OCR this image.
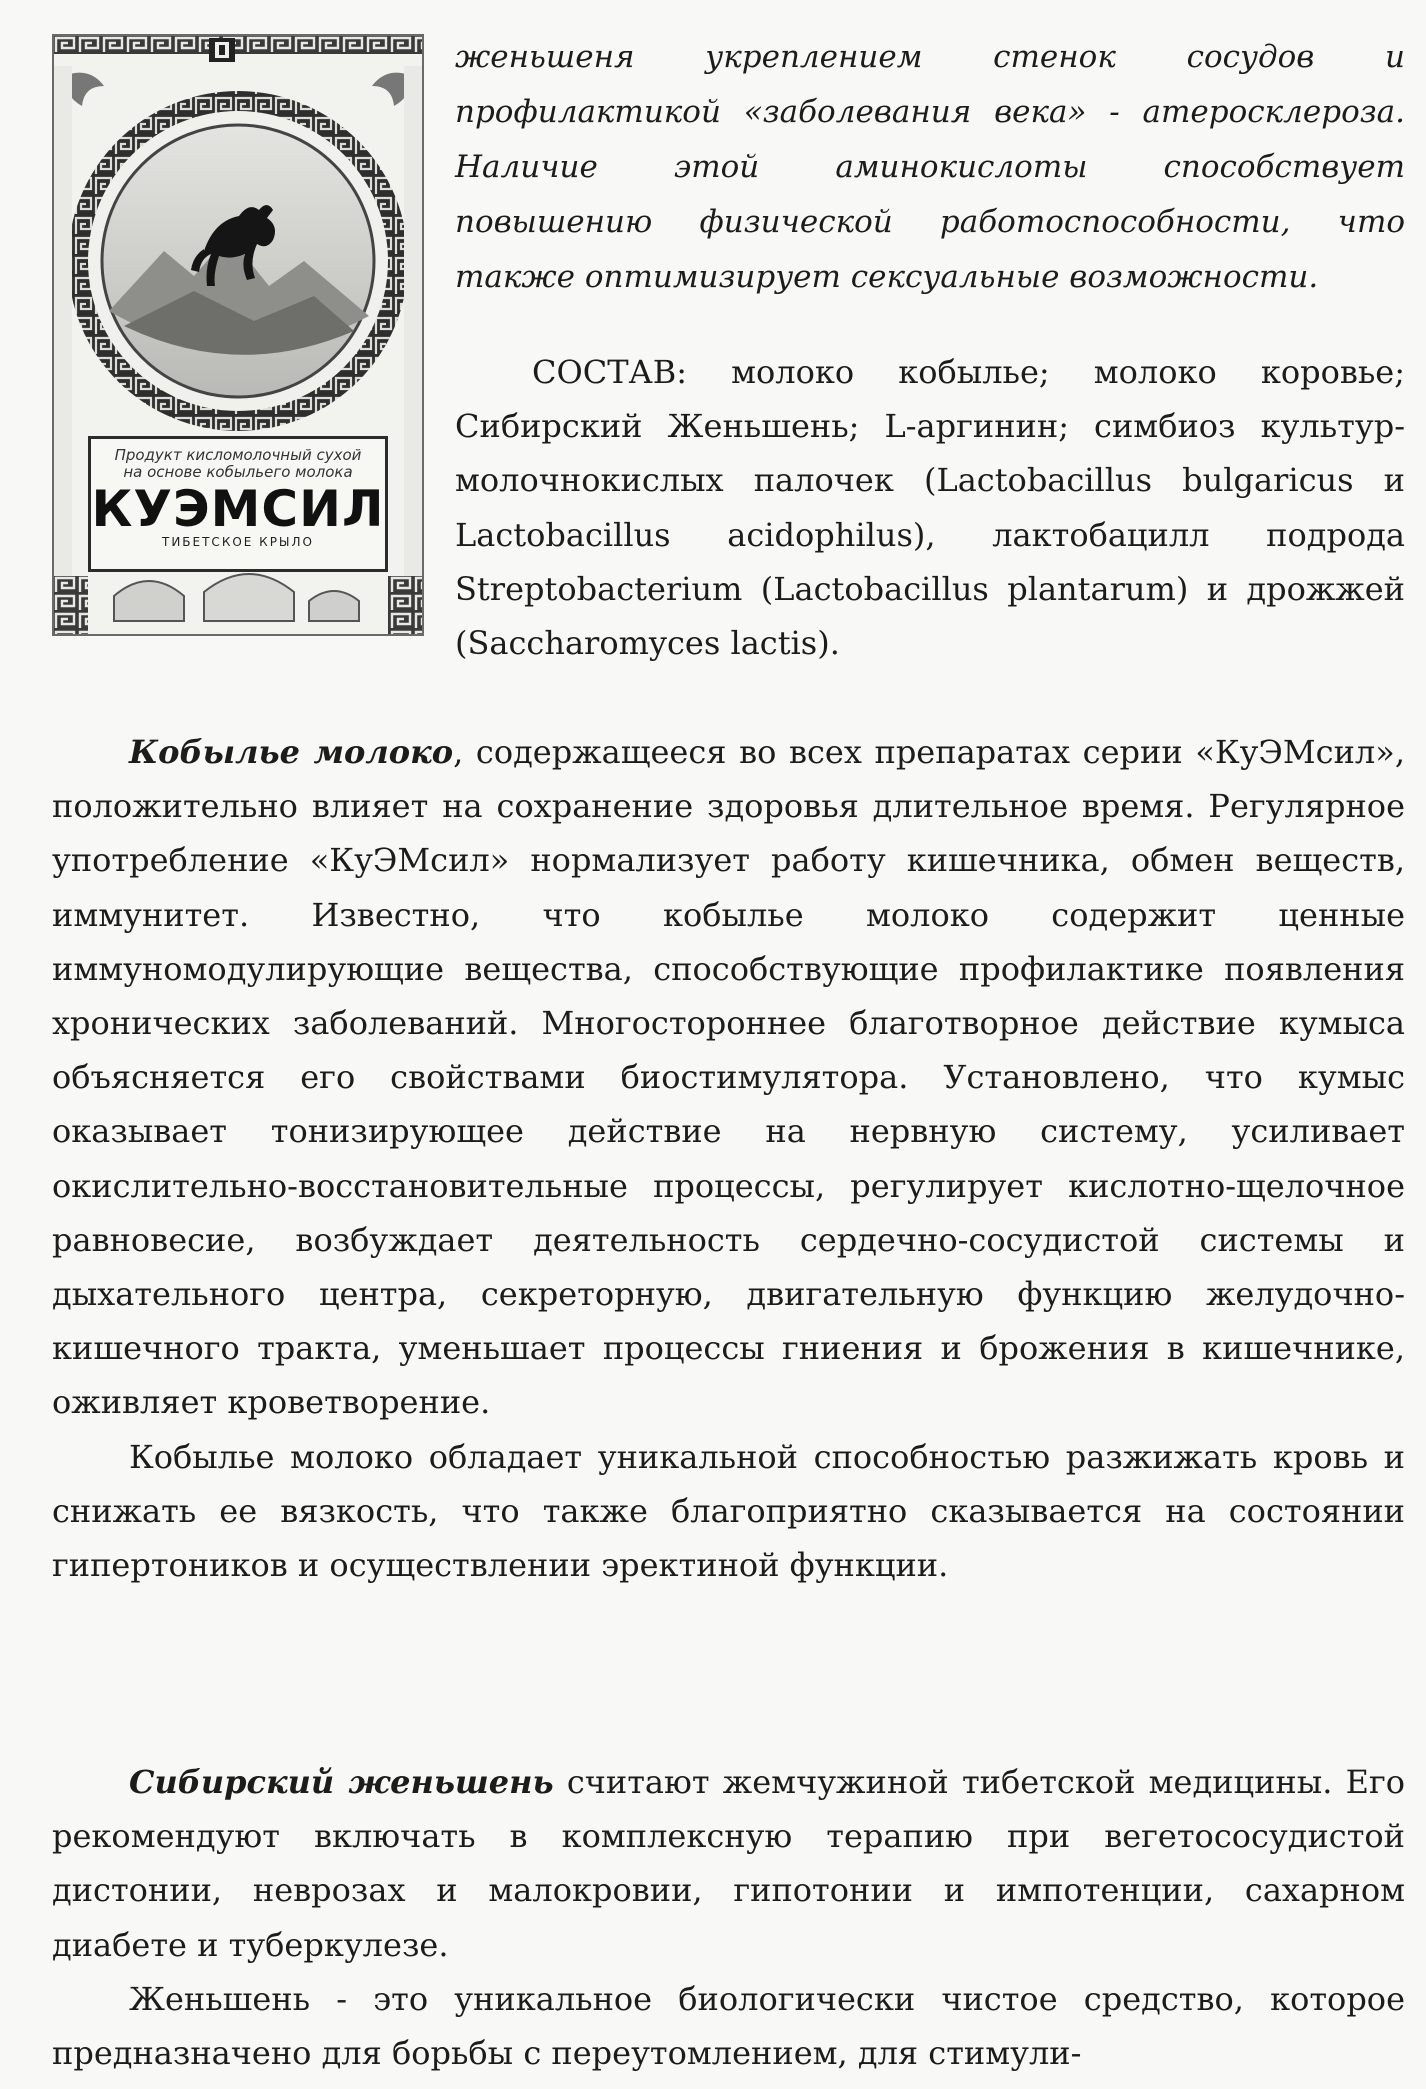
Продукт кисломолочный сухой на основе кобыльего молока
КУЭМСИЛ
ТИБЕТСКОЕ КРЫЛО
женьшеня укреплением стенок сосудов и профилактикой «заболевания века» - атеросклероза. Наличие этой аминокислоты способствует повышению физической работоспособности, что также оптимизирует сексуальные возможности.

СОСТАВ: молоко кобылье; молоко коровье; Сибирский Женьшень; L-аргинин; симбиоз культур-молочнокислых палочек (Lactobacillus bulgaricus и Lactobacillus acidophilus), лактобацилл подрода Streptobacterium (Lactobacillus plantarum) и дрожжей (Saccharomyces lactis).

Кобылье молоко, содержащееся во всех препаратах серии «КуЭМсил», положительно влияет на сохранение здоровья длительное время. Регулярное употребление «КуЭМсил» нормализует работу кишечника, обмен веществ, иммунитет. Известно, что кобылье молоко содержит ценные иммуномодулирующие вещества, способствующие профилактике появления хронических заболеваний. Многостороннее благотворное действие кумыса объясняется его свойствами биостимулятора. Установлено, что кумыс оказывает тонизирующее действие на нервную систему, усиливает окислительно-восстановительные процессы, регулирует кислотно-щелочное равновесие, возбуждает деятельность сердечно-сосудистой системы и дыхательного центра, секреторную, двигательную функцию желудочно-кишечного тракта, уменьшает процессы гниения и брожения в кишечнике, оживляет кроветворение.

Кобылье молоко обладает уникальной способностью разжижать кровь и снижать ее вязкость, что также благоприятно сказывается на состоянии гипертоников и осуществлении эректиной функции.

Сибирский женьшень считают жемчужиной тибетской медицины. Его рекомендуют включать в комплексную терапию при вегетососудистой дистонии, неврозах и малокровии, гипотонии и импотенции, сахарном диабете и туберкулезе.

Женьшень - это уникальное биологически чистое средство, которое предназначено для борьбы с переутомлением, для стимули-
